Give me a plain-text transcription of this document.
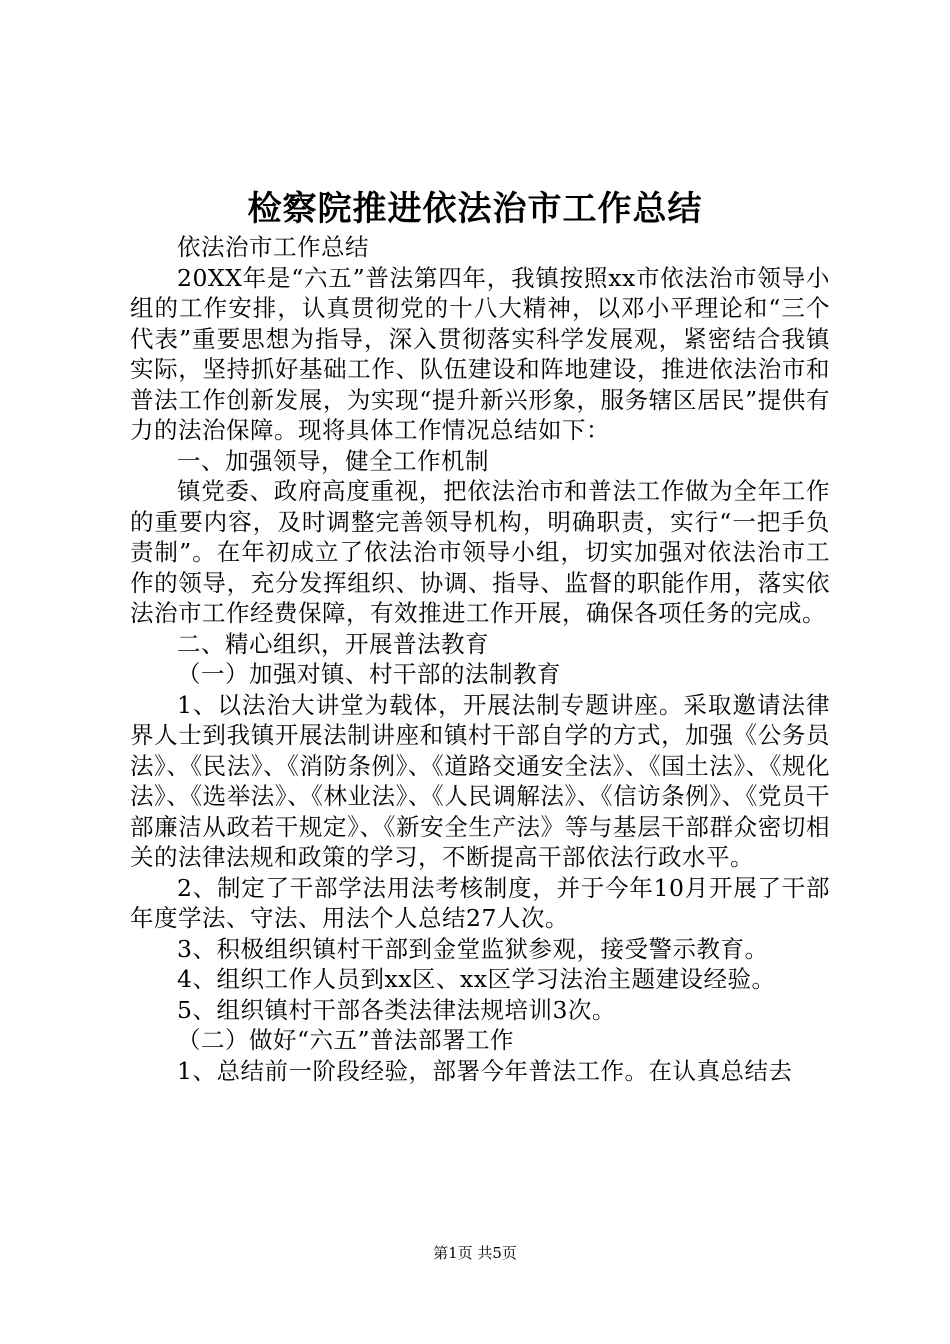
检察院推进依法治市工作总结

依法治市工作总结

20XX年是“六五”普法第四年，我镇按照xx市依法治市领导小组的工作安排，认真贯彻党的十八大精神，以邓小平理论和“三个代表”重要思想为指导，深入贯彻落实科学发展观，紧密结合我镇实际，坚持抓好基础工作、队伍建设和阵地建设，推进依法治市和普法工作创新发展，为实现“提升新兴形象，服务辖区居民”提供有力的法治保障。现将具体工作情况总结如下：

一、加强领导，健全工作机制

镇党委、政府高度重视，把依法治市和普法工作做为全年工作的重要内容，及时调整完善领导机构，明确职责，实行“一把手负责制”。在年初成立了依法治市领导小组，切实加强对依法治市工作的领导，充分发挥组织、协调、指导、监督的职能作用，落实依法治市工作经费保障，有效推进工作开展，确保各项任务的完成。

二、精心组织，开展普法教育

（一）加强对镇、村干部的法制教育

1、以法治大讲堂为载体，开展法制专题讲座。采取邀请法律界人士到我镇开展法制讲座和镇村干部自学的方式，加强《公务员法》、《民法》、《消防条例》、《道路交通安全法》、《国土法》、《规化法》、《选举法》、《林业法》、《人民调解法》、《信访条例》、《党员干部廉洁从政若干规定》、《新安全生产法》等与基层干部群众密切相关的法律法规和政策的学习，不断提高干部依法行政水平。

2、制定了干部学法用法考核制度，并于今年10月开展了干部年度学法、守法、用法个人总结27人次。

3、积极组织镇村干部到金堂监狱参观，接受警示教育。

4、组织工作人员到xx区、xx区学习法治主题建设经验。

5、组织镇村干部各类法律法规培训3次。

（二）做好“六五”普法部署工作

1、总结前一阶段经验，部署今年普法工作。在认真总结去

第1页 共5页
